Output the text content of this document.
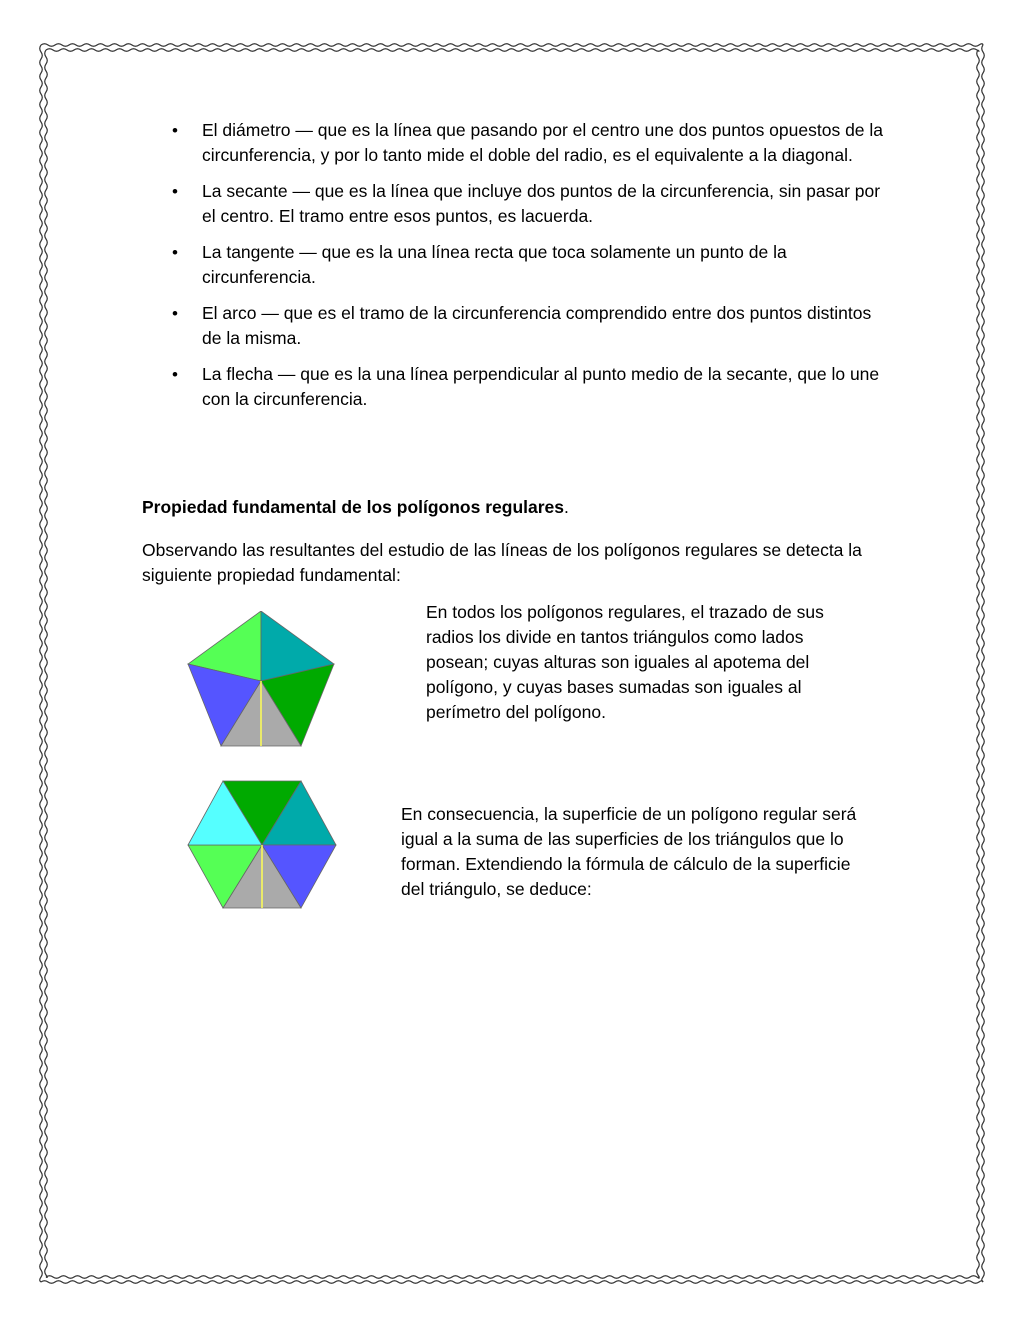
• El diámetro — que es la línea que pasando por el centro une dos puntos opuestos de la circunferencia, y por lo tanto mide el doble del radio, es el equivalente a la diagonal.
• La secante — que es la línea que incluye dos puntos de la circunferencia, sin pasar por el centro. El tramo entre esos puntos, es lacuerda.
• La tangente — que es la una línea recta que toca solamente un punto de la circunferencia.
• El arco — que es el tramo de la circunferencia comprendido entre dos puntos distintos de la misma.
• La flecha — que es la una línea perpendicular al punto medio de la secante, que lo une con la circunferencia.
Propiedad fundamental de los polígonos regulares.

Observando las resultantes del estudio de las líneas de los polígonos regulares se detecta la siguiente propiedad fundamental:

En todos los polígonos regulares, el trazado de sus radios los divide en tantos triángulos como lados posean; cuyas alturas son iguales al apotema del polígono, y cuyas bases sumadas son iguales al perímetro del polígono.

En consecuencia, la superficie de un polígono regular será igual a la suma de las superficies de los triángulos que lo forman. Extendiendo la fórmula de cálculo de la superficie del triángulo, se deduce:
